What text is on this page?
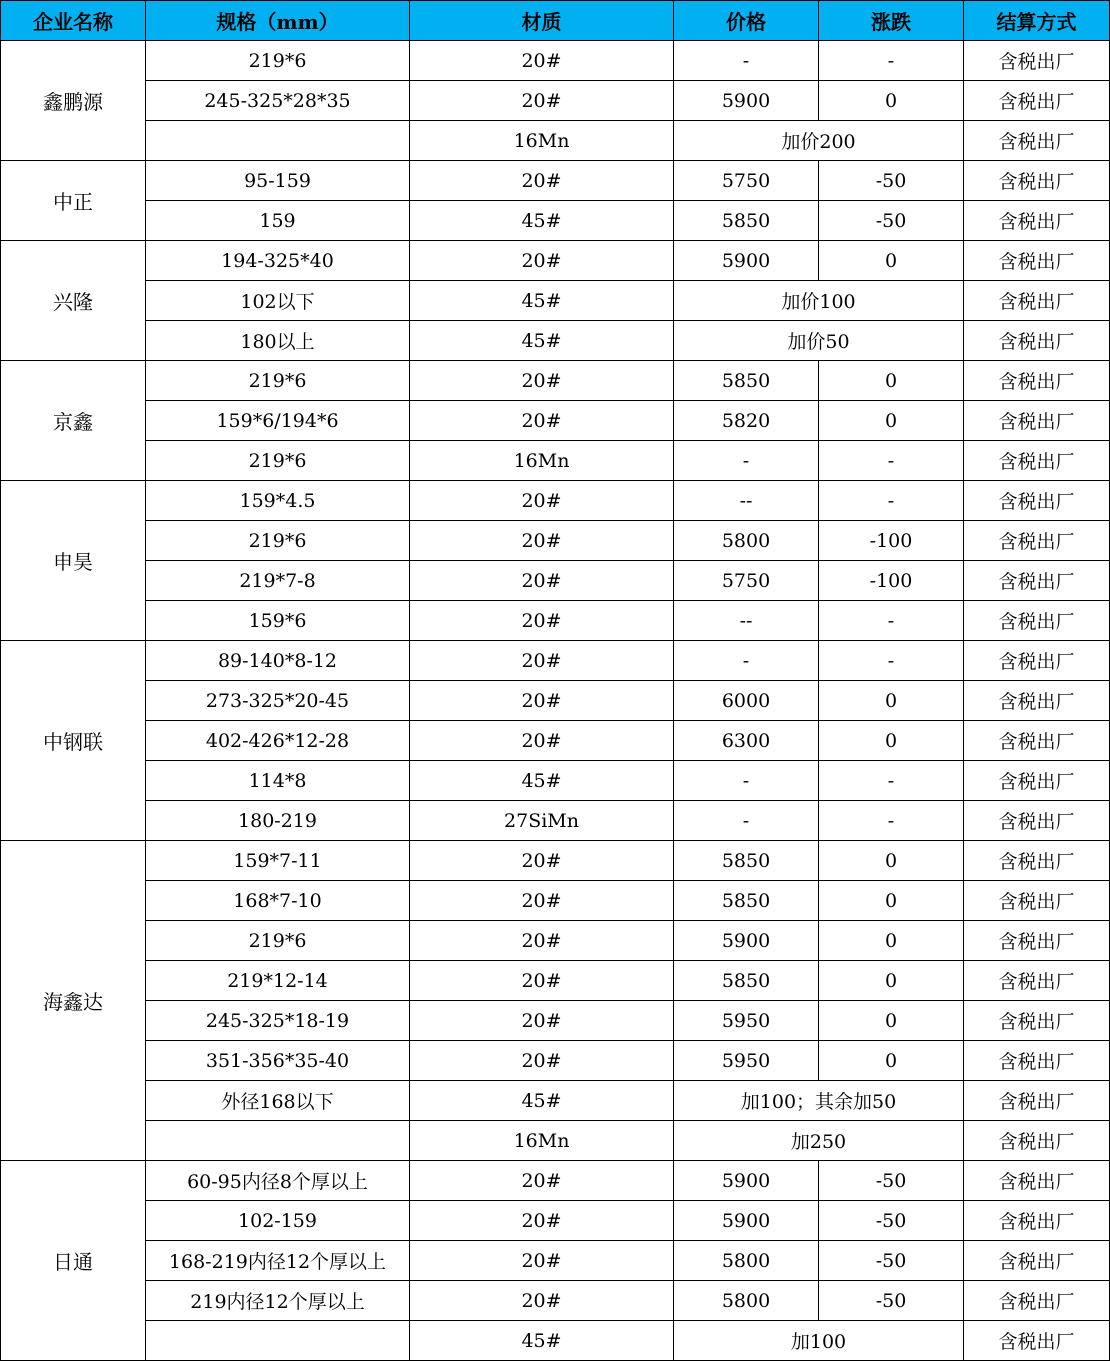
企业名称	规格（mm）	材质	价格	涨跌	结算方式
鑫鹏源	219*6	20#	-	-	含税出厂
	245-325*28*35	20#	5900	0	含税出厂
		16Mn	加价200		含税出厂
中正	95-159	20#	5750	-50	含税出厂
	159	45#	5850	-50	含税出厂
兴隆	194-325*40	20#	5900	0	含税出厂
	102以下	45#	加价100		含税出厂
	180以上	45#	加价50		含税出厂
京鑫	219*6	20#	5850	0	含税出厂
	159*6/194*6	20#	5820	0	含税出厂
	219*6	16Mn	-	-	含税出厂
申昊	159*4.5	20#	--	-	含税出厂
	219*6	20#	5800	-100	含税出厂
	219*7-8	20#	5750	-100	含税出厂
	159*6	20#	--	-	含税出厂
中钢联	89-140*8-12	20#	-	-	含税出厂
	273-325*20-45	20#	6000	0	含税出厂
	402-426*12-28	20#	6300	0	含税出厂
	114*8	45#	-	-	含税出厂
	180-219	27SiMn	-	-	含税出厂
海鑫达	159*7-11	20#	5850	0	含税出厂
	168*7-10	20#	5850	0	含税出厂
	219*6	20#	5900	0	含税出厂
	219*12-14	20#	5850	0	含税出厂
	245-325*18-19	20#	5950	0	含税出厂
	351-356*35-40	20#	5950	0	含税出厂
	外径168以下	45#	加100；其余加50		含税出厂
		16Mn	加250		含税出厂
日通	60-95内径8个厚以上	20#	5900	-50	含税出厂
	102-159	20#	5900	-50	含税出厂
	168-219内径12个厚以上	20#	5800	-50	含税出厂
	219内径12个厚以上	20#	5800	-50	含税出厂
		45#	加100		含税出厂
